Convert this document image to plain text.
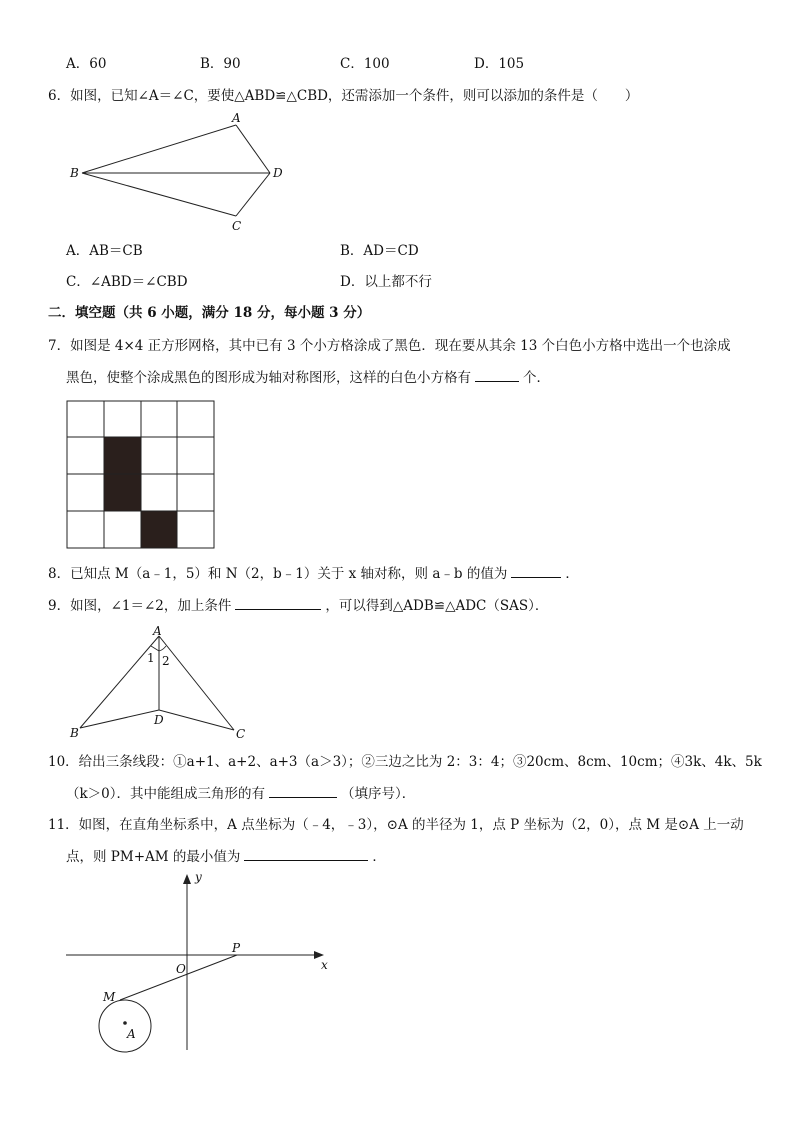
A．60	B．90	C．100	D．105
6．如图，已知∠A＝∠C，要使△ABD≌△CBD，还需添加一个条件，则可以添加的条件是（　　）
A
B	D
C
A．AB＝CB	B．AD＝CD
C．∠ABD＝∠CBD	D．以上都不行
二．填空题（共 6 小题，满分 18 分，每小题 3 分）
7．如图是 4×4 正方形网格，其中已有 3 个小方格涂成了黑色．现在要从其余 13 个白色小方格中选出一个也涂成
黑色，使整个涂成黑色的图形成为轴对称图形，这样的白色小方格有	个．
8．已知点 M（a﹣1，5）和 N（2，b﹣1）关于 x 轴对称，则 a﹣b 的值为	．
9．如图，∠1＝∠2，加上条件	，可以得到△ADB≌△ADC（SAS）．
A
1 2
D
B	C
10．给出三条线段：①a+1、a+2、a+3（a＞3）；②三边之比为 2：3：4；③20cm、8cm、10cm；④3k、4k、5k
（k＞0）．其中能组成三角形的有	（填序号）．
11．如图，在直角坐标系中，A 点坐标为（﹣4，﹣3），⊙A 的半径为 1，点 P 坐标为（2，0），点 M 是⊙A 上一动
点，则 PM+AM 的最小值为	．
y
x
O
P
M
A
